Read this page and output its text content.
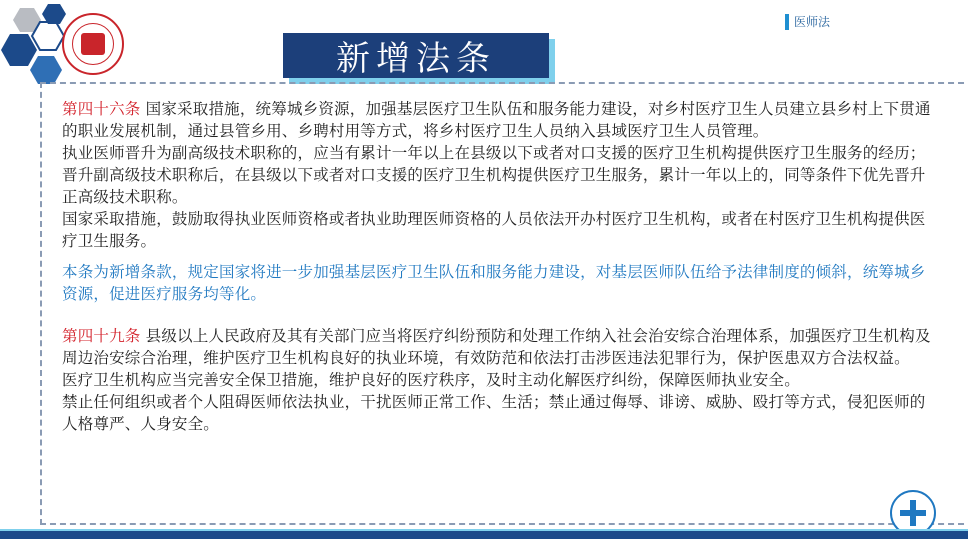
医师法
新增法条

第四十六条 国家采取措施，统筹城乡资源，加强基层医疗卫生队伍和服务能力建设，对乡村医疗卫生人员建立县乡村上下贯通的职业发展机制，通过县管乡用、乡聘村用等方式，将乡村医疗卫生人员纳入县域医疗卫生人员管理。

执业医师晋升为副高级技术职称的，应当有累计一年以上在县级以下或者对口支援的医疗卫生机构提供医疗卫生服务的经历；晋升副高级技术职称后，在县级以下或者对口支援的医疗卫生机构提供医疗卫生服务，累计一年以上的，同等条件下优先晋升正高级技术职称。

国家采取措施，鼓励取得执业医师资格或者执业助理医师资格的人员依法开办村医疗卫生机构，或者在村医疗卫生机构提供医疗卫生服务。

本条为新增条款，规定国家将进一步加强基层医疗卫生队伍和服务能力建设，对基层医师队伍给予法律制度的倾斜，统筹城乡资源，促进医疗服务均等化。

第四十九条 县级以上人民政府及其有关部门应当将医疗纠纷预防和处理工作纳入社会治安综合治理体系，加强医疗卫生机构及周边治安综合治理，维护医疗卫生机构良好的执业环境，有效防范和依法打击涉医违法犯罪行为，保护医患双方合法权益。

医疗卫生机构应当完善安全保卫措施，维护良好的医疗秩序，及时主动化解医疗纠纷，保障医师执业安全。

禁止任何组织或者个人阻碍医师依法执业，干扰医师正常工作、生活；禁止通过侮辱、诽谤、威胁、殴打等方式，侵犯医师的人格尊严、人身安全。
